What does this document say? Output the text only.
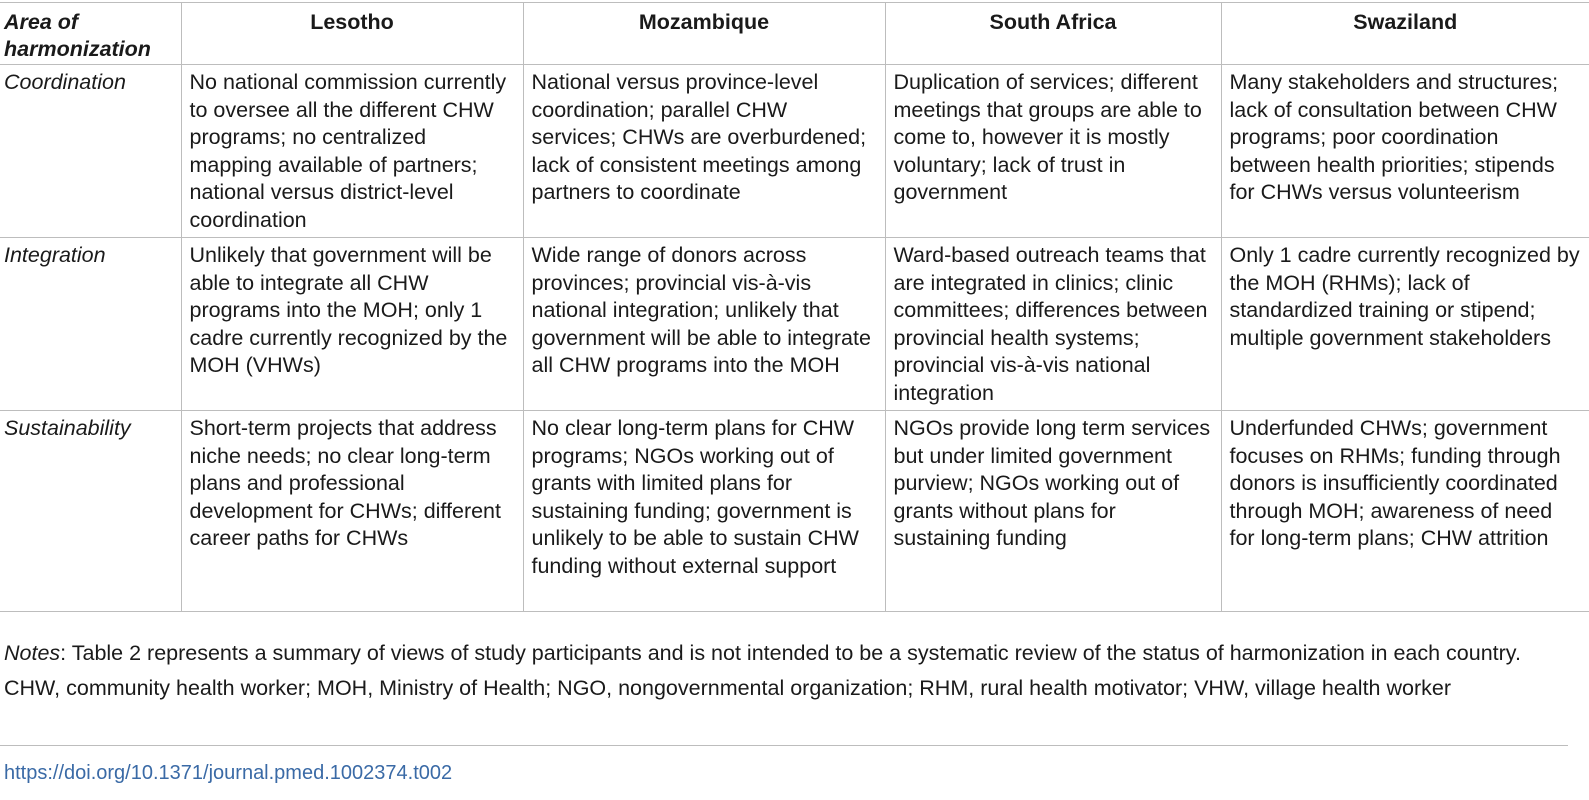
Area of harmonization	Lesotho	Mozambique	South Africa	Swaziland
Coordination	No national commission currently to oversee all the different CHW programs; no centralized mapping available of partners; national versus district-level coordination	National versus province-level coordination; parallel CHW services; CHWs are overburdened; lack of consistent meetings among partners to coordinate	Duplication of services; different meetings that groups are able to come to, however it is mostly voluntary; lack of trust in government	Many stakeholders and structures; lack of consultation between CHW programs; poor coordination between health priorities; stipends for CHWs versus volunteerism
Integration	Unlikely that government will be able to integrate all CHW programs into the MOH; only 1 cadre currently recognized by the MOH (VHWs)	Wide range of donors across provinces; provincial vis-à-vis national integration; unlikely that government will be able to integrate all CHW programs into the MOH	Ward-based outreach teams that are integrated in clinics; clinic committees; differences between provincial health systems; provincial vis-à-vis national integration	Only 1 cadre currently recognized by the MOH (RHMs); lack of standardized training or stipend; multiple government stakeholders
Sustainability	Short-term projects that address niche needs; no clear long-term plans and professional development for CHWs; different career paths for CHWs	No clear long-term plans for CHW programs; NGOs working out of grants with limited plans for sustaining funding; government is unlikely to be able to sustain CHW funding without external support	NGOs provide long term services but under limited government purview; NGOs working out of grants without plans for sustaining funding	Underfunded CHWs; government focuses on RHMs; funding through donors is insufficiently coordinated through MOH; awareness of need for long-term plans; CHW attrition
Notes: Table 2 represents a summary of views of study participants and is not intended to be a systematic review of the status of harmonization in each country. CHW, community health worker; MOH, Ministry of Health; NGO, nongovernmental organization; RHM, rural health motivator; VHW, village health worker
https://doi.org/10.1371/journal.pmed.1002374.t002
